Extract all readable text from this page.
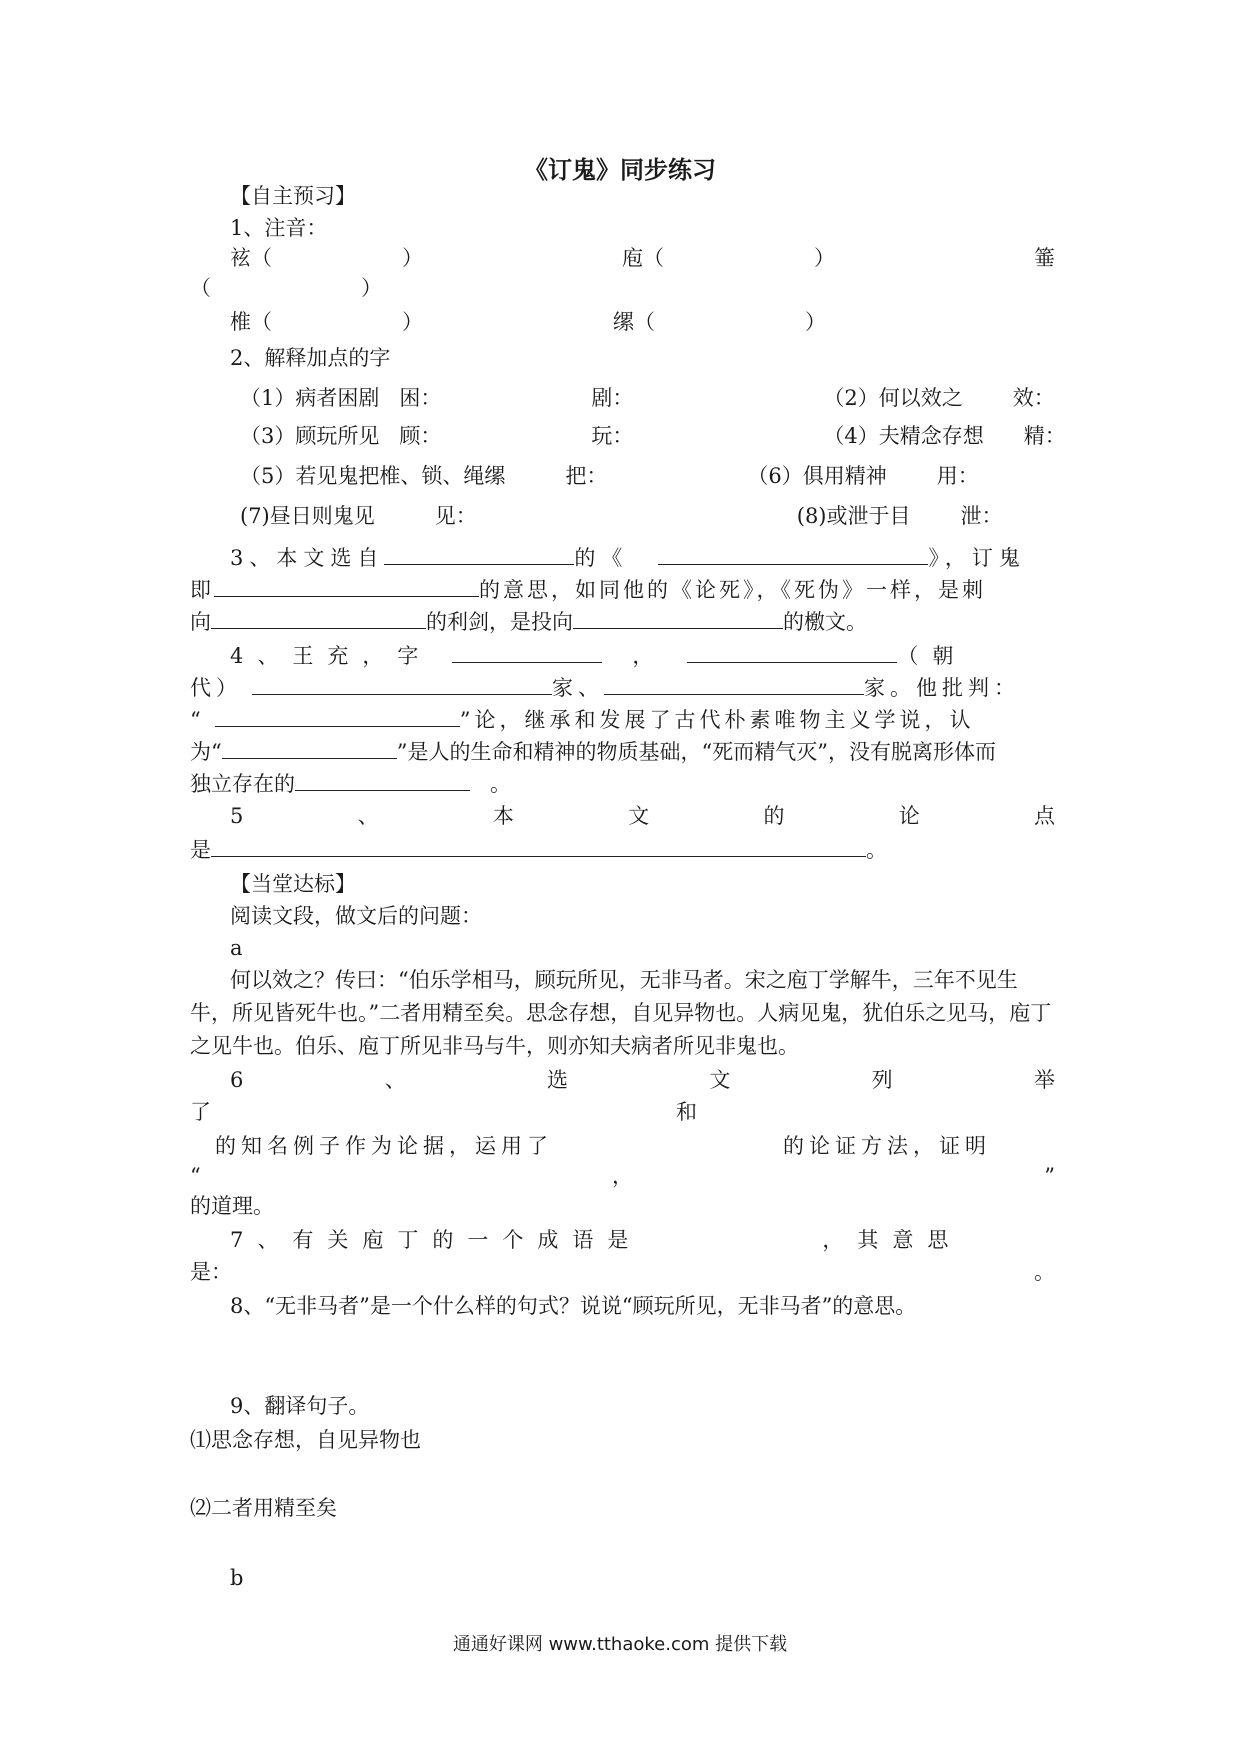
《订鬼》同步练习
【自主预习】
1、注音：
袨（	）	庖（	）	箠
（	）
椎（	）	缧（	）
2、解释加点的字
（1）病者困剧 困：	剧：	（2）何以效之 效：
（3）顾玩所见 顾：	玩：	（4）夫精念存想 精：
（5）若见鬼把椎、锁、绳缧	把：	（6）俱用精神 用：
(7)昼日则鬼见	见：	(8)或泄于目 泄：
3、本文选自	的《	》，订鬼
即	的意思，如同他的《论死》，《死伪》一样，是刺
向	的利剑，是投向	的檄文。
4、王充，字	，	（朝
代）	家、	家。他批判：
“	”论，继承和发展了古代朴素唯物主义学说，认
为“	”是人的生命和精神的物质基础，“死而精气灭”，没有脱离形体而
独立存在的	。
5	、	本	文	的	论	点
是	。
【当堂达标】
阅读文段，做文后的问题：
a
何以效之？传曰：“伯乐学相马，顾玩所见，无非马者。宋之庖丁学解牛，三年不见生牛，所见皆死牛也。”二者用精至矣。思念存想，自见异物也。人病见鬼，犹伯乐之见马，庖丁之见牛也。伯乐、庖丁所见非马与牛，则亦知夫病者所见非鬼也。
6	、	选	文	列	举
了	和
的知名例子作为论据，运用了	的论证方法，证明
“	，	”
的道理。
7、有关庖丁的一个成语是	，其意思
是：	。
8、“无非马者”是一个什么样的句式？说说“顾玩所见，无非马者”的意思。
9、翻译句子。
⑴思念存想，自见异物也
⑵二者用精至矣
b
通通好课网 www.tthaoke.com 提供下载
